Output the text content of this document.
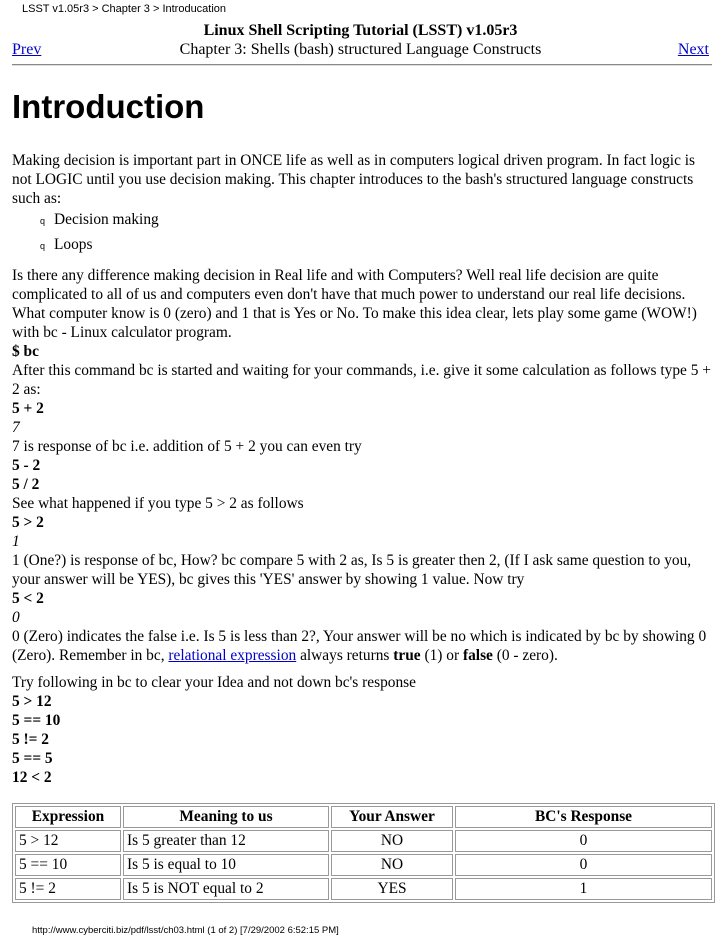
LSST v1.05r3 > Chapter 3 > Introducation
Linux Shell Scripting Tutorial (LSST) v1.05r3
Chapter 3: Shells (bash) structured Language Constructs
Prev	Next
Introduction

Making decision is important part in ONCE life as well as in computers logical driven program. In fact logic is not LOGIC until you use decision making. This chapter introduces to the bash's structured language constructs such as:

q Decision making
q Loops

Is there any difference making decision in Real life and with Computers? Well real life decision are quite complicated to all of us and computers even don't have that much power to understand our real life decisions. What computer know is 0 (zero) and 1 that is Yes or No. To make this idea clear, lets play some game (WOW!) with bc - Linux calculator program.

$ bc

After this command bc is started and waiting for your commands, i.e. give it some calculation as follows type 5 + 2 as:

5 + 2

7

7 is response of bc i.e. addition of 5 + 2 you can even try

5 - 2

5 / 2

See what happened if you type 5 > 2 as follows

5 > 2

1

1 (One?) is response of bc, How? bc compare 5 with 2 as, Is 5 is greater then 2, (If I ask same question to you, your answer will be YES), bc gives this 'YES' answer by showing 1 value. Now try

5 < 2

0

0 (Zero) indicates the false i.e. Is 5 is less than 2?, Your answer will be no which is indicated by bc by showing 0 (Zero). Remember in bc, relational expression always returns true (1) or false (0 - zero).

Try following in bc to clear your Idea and not down bc's response

5 > 12

5 == 10

5 != 2

5 == 5

12 < 2

Expression	Meaning to us	Your Answer	BC's Response
5 > 12	Is 5 greater than 12	NO	0
5 == 10	Is 5 is equal to 10	NO	0
5 != 2	Is 5 is NOT equal to 2	YES	1
http://www.cyberciti.biz/pdf/lsst/ch03.html (1 of 2) [7/29/2002 6:52:15 PM]
